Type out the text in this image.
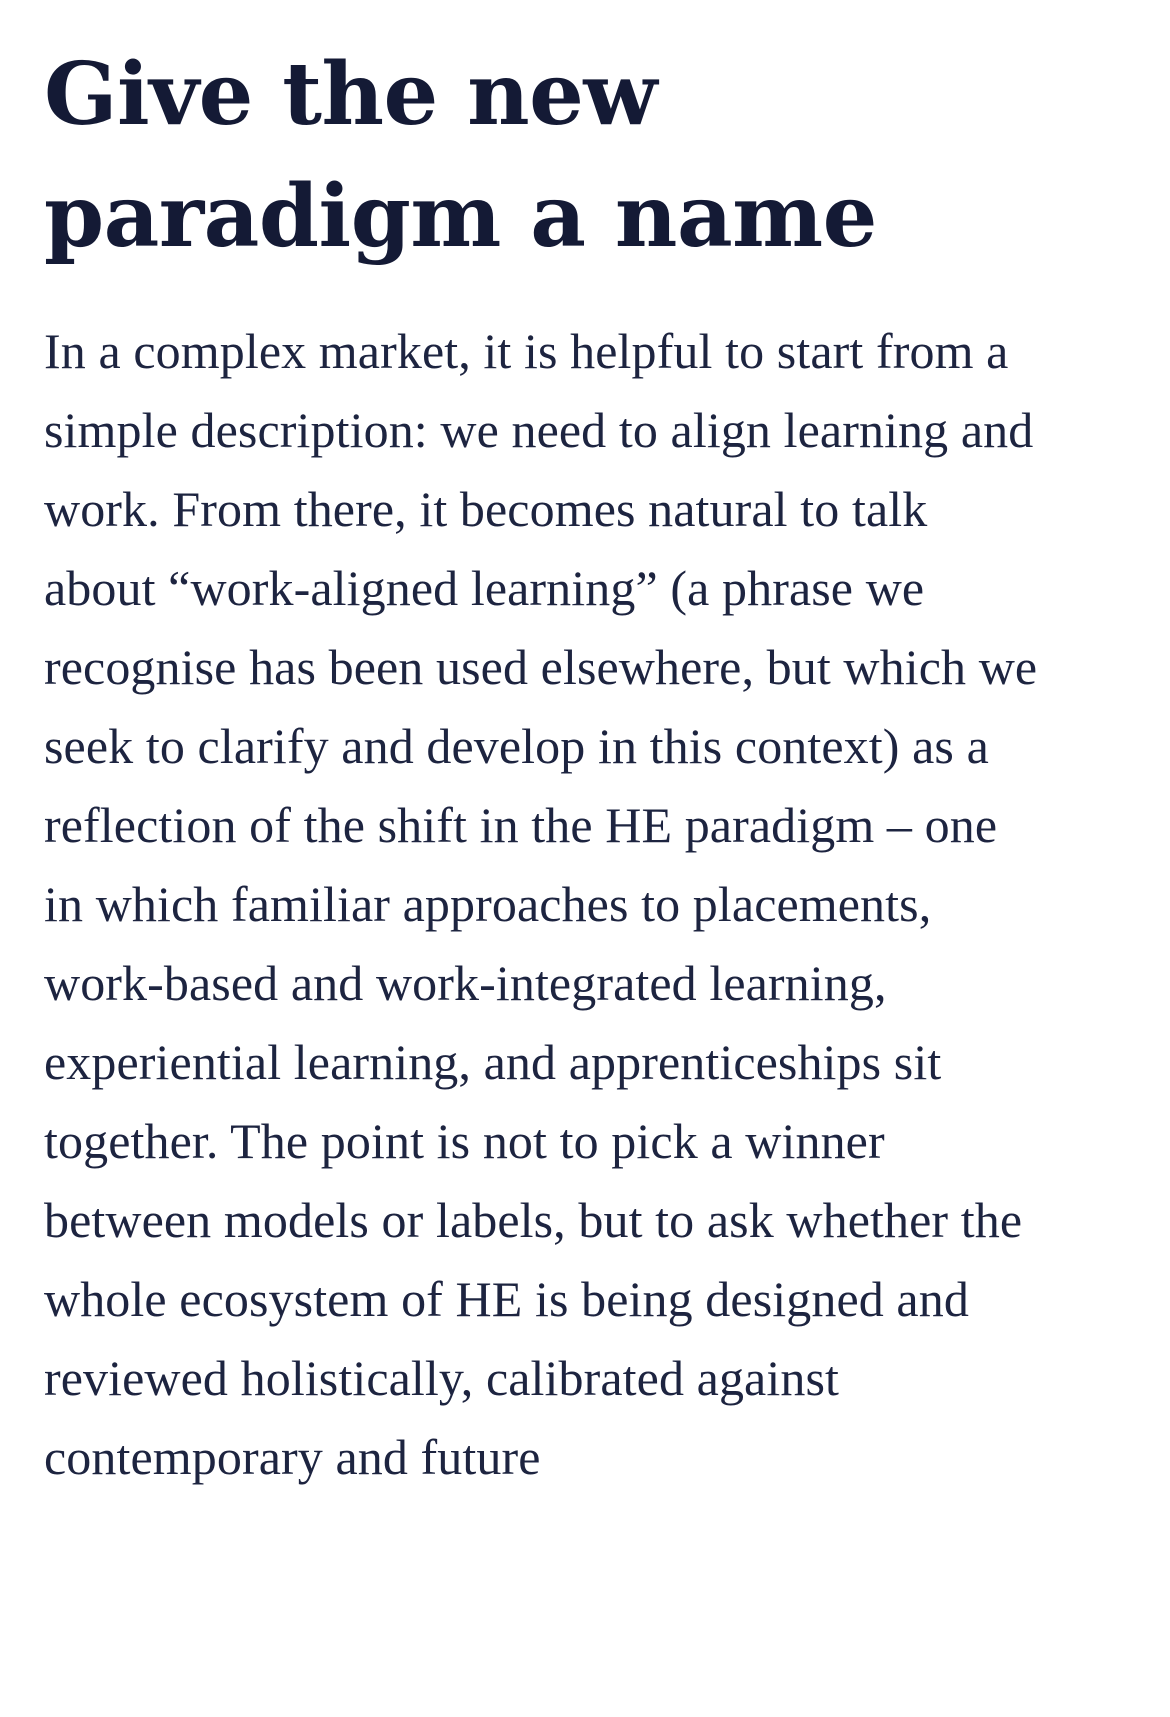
Give the new paradigm a name

In a complex market, it is helpful to start from a simple description: we need to align learning and work. From there, it becomes natural to talk about “work-aligned learning” (a phrase we recognise has been used elsewhere, but which we seek to clarify and develop in this context) as a reflection of the shift in the HE paradigm – one in which familiar approaches to placements, work-based and work-integrated learning, experiential learning, and apprenticeships sit together. The point is not to pick a winner between models or labels, but to ask whether the whole ecosystem of HE is being designed and reviewed holistically, calibrated against contemporary and future
